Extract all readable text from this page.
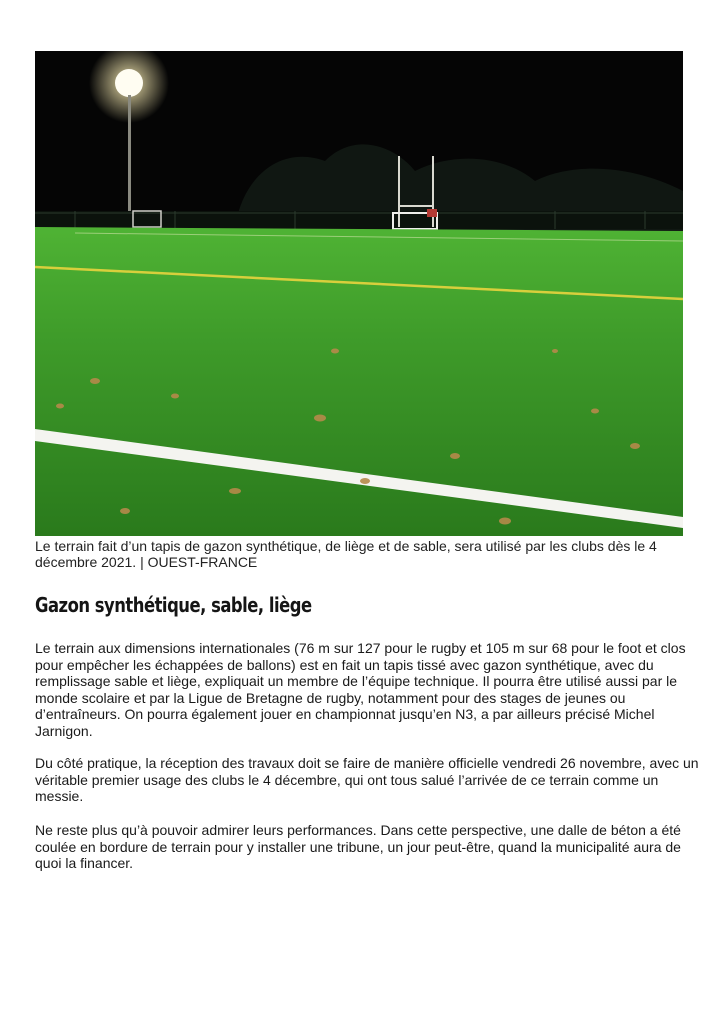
Le terrain fait d’un tapis de gazon synthétique, de liège et de sable, sera utilisé par les clubs dès le 4 décembre 2021. | OUEST-FRANCE
Gazon synthétique, sable, liège

Le terrain aux dimensions internationales (76 m sur 127 pour le rugby et 105 m sur 68 pour le foot et clos pour empêcher les échappées de ballons) est en fait un tapis tissé avec gazon synthétique, avec du remplissage sable et liège, expliquait un membre de l’équipe technique. Il pourra être utilisé aussi par le monde scolaire et par la Ligue de Bretagne de rugby, notamment pour des stages de jeunes ou d’entraîneurs. On pourra également jouer en championnat jusqu’en N3, a par ailleurs précisé Michel Jarnigon.

Du côté pratique, la réception des travaux doit se faire de manière officielle vendredi 26 novembre, avec un véritable premier usage des clubs le 4 décembre, qui ont tous salué l’arrivée de ce terrain comme un messie.

Ne reste plus qu’à pouvoir admirer leurs performances. Dans cette perspective, une dalle de béton a été coulée en bordure de terrain pour y installer une tribune, un jour peut-être, quand la municipalité aura de quoi la financer.
